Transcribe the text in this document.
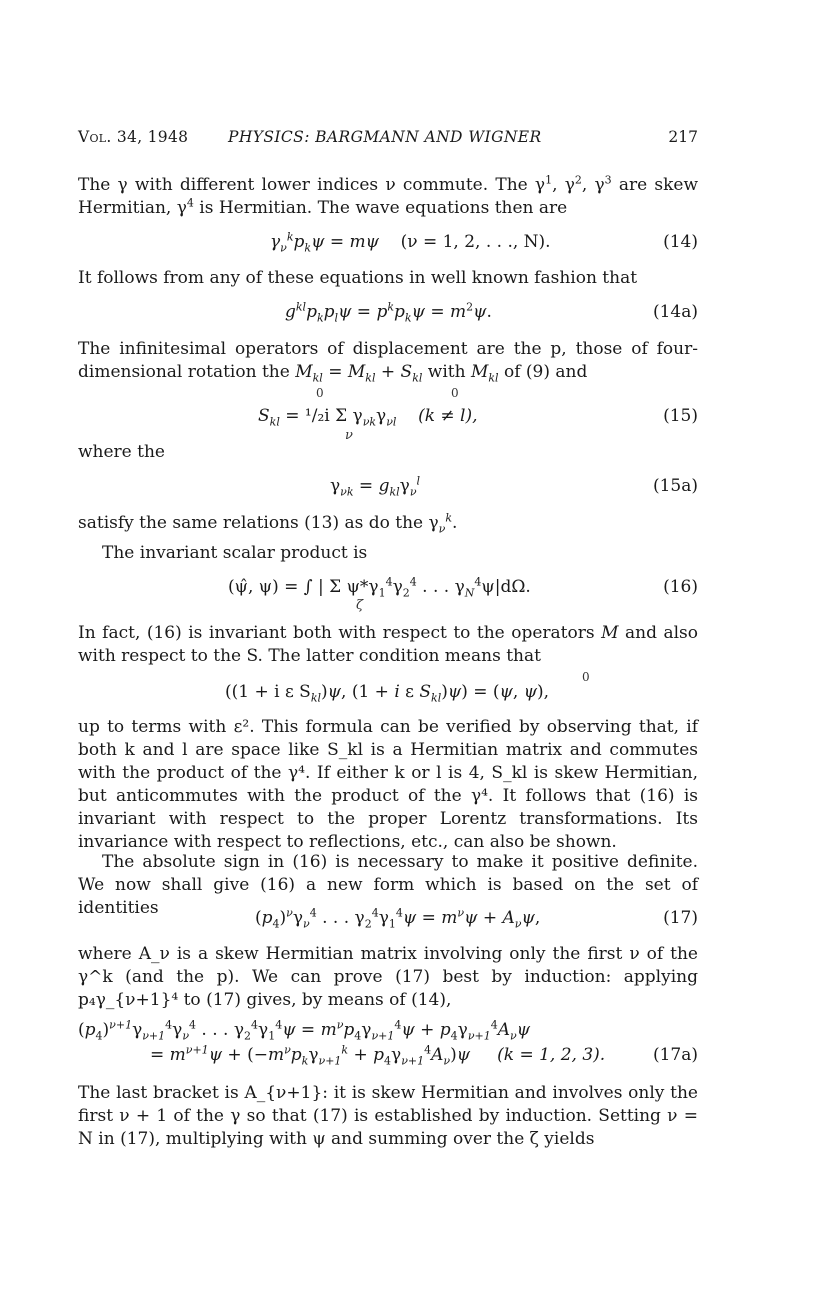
Vol. 34, 1948	PHYSICS: BARGMANN AND WIGNER	217
The γ with different lower indices ν commute. The $\gamma^1$, $\gamma^2$, $\gamma^3$ are skew Hermitian, $\gamma^4$ is Hermitian. The wave equations then are
$\gamma_\nu^kp_k\psi = m\psi$ (ν = 1, 2, . . ., N).	(14)
It follows from any of these equations in well known fashion that
$g^{kl}p_kp_l\psi = p^kp_k\psi = m^2\psi$.	(14a)
The infinitesimal operators of displacement are the p, those of four-dimensional rotation the $M_{kl} = M_{kl} + S_{kl}$ with $M_{kl}$ of (9) and
0	0
$S_{kl} = ^1/_2i$ Σ $\gamma_{\nu k}\gamma_{\nu l}$ (k ≠ l),
ν
(15)
where the
$\gamma_{\nu k} = g_{kl}\gamma_\nu^l$	(15a)
satisfy the same relations (13) as do the $\gamma_\nu^k$.
The invariant scalar product is
(ψ̂, ψ) = ∫ | Σ $\psi*\gamma_1^4\gamma_2^4$ . . . $\gamma_N^4\psi|d\Omega$.
ζ
(16)
In fact, (16) is invariant both with respect to the operators M and also with respect to the S. The latter condition means that
0
((1 + i ε $S_{kl})\psi$, (1 + i ε $S_{kl})\psi) = (\psi$, ψ),
up to terms with ε². This formula can be verified by observing that, if both k and l are space like S_kl is a Hermitian matrix and commutes with the product of the γ⁴. If either k or l is 4, S_kl is skew Hermitian, but anticommutes with the product of the γ⁴. It follows that (16) is invariant with respect to the proper Lorentz transformations. Its invariance with respect to reflections, etc., can also be shown.
The absolute sign in (16) is necessary to make it positive definite. We now shall give (16) a new form which is based on the set of identities	$(p_4)^\nu\gamma_\nu^4$ . . . $\gamma_2^4\gamma_1^4\psi = m^\nu\psi + A_\nu\psi$,	(17)
where A_ν is a skew Hermitian matrix involving only the first ν of the γ^k (and the p). We can prove (17) best by induction: applying p₄γ_{ν+1}⁴ to (17) gives, by means of (14),
$(p_4)^{\nu+1}\gamma_{\nu+1}^4\gamma_\nu^4$ . . . $\gamma_2^4\gamma_1^4\psi = m^\nu p_4\gamma_{\nu+1}^4\psi + p_4\gamma_{\nu+1}^4A_\nu\psi$
= $m^{\nu+1}\psi + (-m^\nu p_k\gamma_{\nu+1}^k + p_4\gamma_{\nu+1}^4A_\nu)\psi$ (k = 1, 2, 3).	(17a)
The last bracket is A_{ν+1}: it is skew Hermitian and involves only the first ν + 1 of the γ so that (17) is established by induction. Setting ν = N in (17), multiplying with ψ and summing over the ζ yields
